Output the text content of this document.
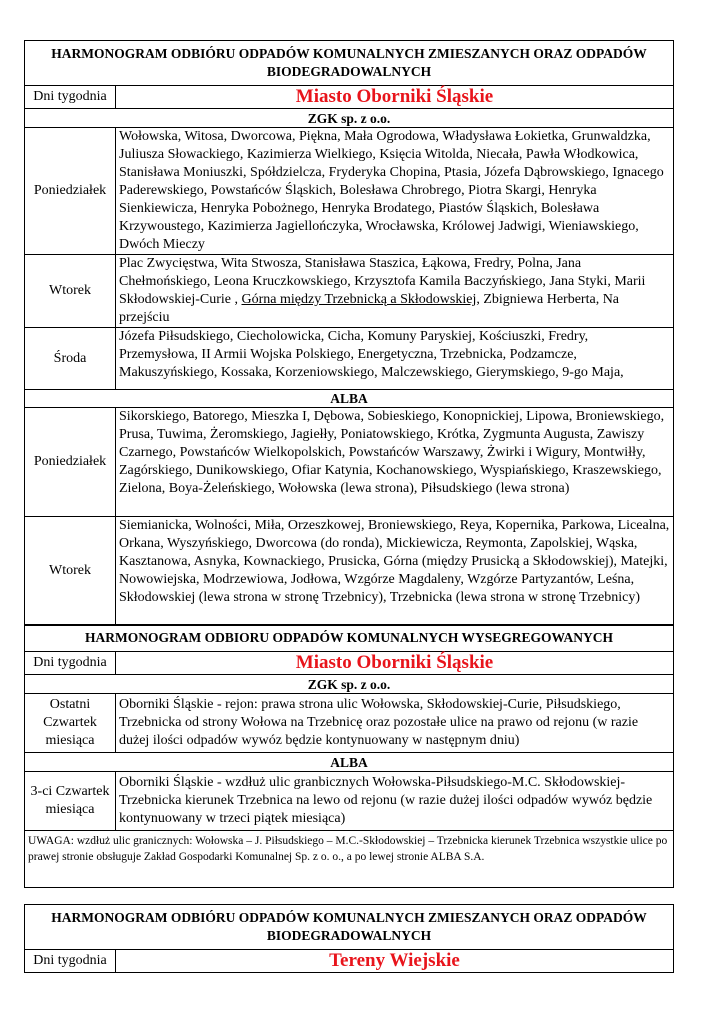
HARMONOGRAM ODBIÓRU ODPADÓW KOMUNALNYCH ZMIESZANYCH ORAZ ODPADÓW BIODEGRADOWALNYCH	
Dni tygodnia	Miasto Oborniki Śląskie
ZGK sp. z o.o.	
Poniedziałek	Wołowska, Witosa, Dworcowa, Piękna, Mała Ogrodowa, Władysława Łokietka, Grunwaldzka, Juliusza Słowackiego, Kazimierza Wielkiego, Księcia Witolda, Niecała, Pawła Włodkowica, Stanisława Moniuszki, Spółdzielcza, Fryderyka Chopina, Ptasia, Józefa Dąbrowskiego, Ignacego Paderewskiego, Powstańców Śląskich, Bolesława Chrobrego, Piotra Skargi, Henryka Sienkiewicza, Henryka Pobożnego, Henryka Brodatego, Piastów Śląskich, Bolesława Krzywoustego, Kazimierza Jagiellończyka, Wrocławska, Królowej Jadwigi, Wieniawskiego, Dwóch Mieczy

Wtorek	Plac Zwycięstwa, Wita Stwosza, Stanisława Staszica, Łąkowa, Fredry, Polna, Jana Chełmońskiego, Leona Kruczkowskiego, Krzysztofa Kamila Baczyńskiego, Jana Styki, Marii Skłodowskiej-Curie , Górna między Trzebnicką a Skłodowskiej, Zbigniewa Herberta, Na przejściu

Środa	Józefa Piłsudskiego, Ciecholowicka, Cicha, Komuny Paryskiej, Kościuszki, Fredry, Przemysłowa, II Armii Wojska Polskiego, Energetyczna, Trzebnicka, Podzamcze, Makuszyńskiego, Kossaka, Korzeniowskiego, Malczewskiego, Gierymskiego, 9-go Maja,

ALBA	
Poniedziałek	Sikorskiego, Batorego, Mieszka I, Dębowa, Sobieskiego, Konopnickiej, Lipowa, Broniewskiego, Prusa, Tuwima, Żeromskiego, Jagiełły, Poniatowskiego, Krótka, Zygmunta Augusta, Zawiszy Czarnego, Powstańców Wielkopolskich, Powstańców Warszawy, Żwirki i Wigury, Montwiłły, Zagórskiego, Dunikowskiego, Ofiar Katynia, Kochanowskiego, Wyspiańskiego, Kraszewskiego, Zielona, Boya-Żeleńskiego, Wołowska (lewa strona), Piłsudskiego (lewa strona)

Wtorek	Siemianicka, Wolności, Miła, Orzeszkowej, Broniewskiego, Reya, Kopernika, Parkowa, Licealna, Orkana, Wyszyńskiego, Dworcowa (do ronda), Mickiewicza, Reymonta, Zapolskiej, Wąska, Kasztanowa, Asnyka, Kownackiego, Prusicka, Górna (między Prusicką a Skłodowskiej), Matejki, Nowowiejska, Modrzewiowa, Jodłowa, Wzgórze Magdaleny, Wzgórze Partyzantów, Leśna, Skłodowskiej (lewa strona w stronę Trzebnicy), Trzebnicka (lewa strona w stronę Trzebnicy)
HARMONOGRAM ODBIORU ODPADÓW KOMUNALNYCH WYSEGREGOWANYCH	
Dni tygodnia	Miasto Oborniki Śląskie
ZGK sp. z o.o.	
Ostatni Czwartek miesiąca	Oborniki Śląskie - rejon: prawa strona ulic Wołowska, Skłodowskiej-Curie, Piłsudskiego, Trzebnicka od strony Wołowa na Trzebnicę oraz pozostałe ulice na prawo od rejonu (w razie dużej ilości odpadów wywóz będzie kontynuowany w następnym dniu)
ALBA	
3-ci Czwartek miesiąca	Oborniki Śląskie - wzdłuż ulic granbicznych Wołowska-Piłsudskiego-M.C. Skłodowskiej-Trzebnicka kierunek Trzebnica na lewo od rejonu (w razie dużej ilości odpadów wywóz będzie kontynuowany w trzeci piątek miesiąca)
UWAGA: wzdłuż ulic granicznych: Wołowska – J. Piłsudskiego – M.C.-Skłodowskiej – Trzebnicka kierunek Trzebnica wszystkie ulice po prawej stronie obsługuje Zakład Gospodarki Komunalnej Sp. z o. o., a po lewej stronie ALBA S.A.	
HARMONOGRAM ODBIÓRU ODPADÓW KOMUNALNYCH ZMIESZANYCH ORAZ ODPADÓW BIODEGRADOWALNYCH
Dni tygodnia	Tereny Wiejskie
